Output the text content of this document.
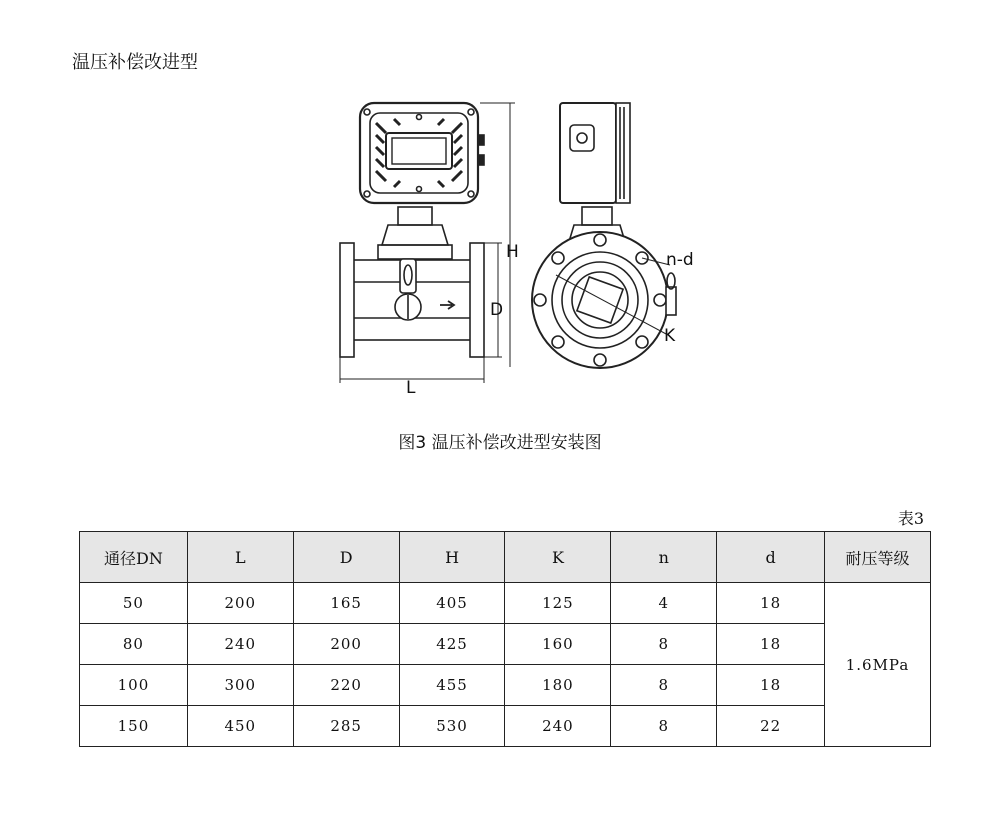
温压补偿改进型
H
D
L
n-d
K
图3 温压补偿改进型安装图
表3
通径DN	L	D	H	K	n	d	耐压等级
50	200	165	405	125	4	18	1.6MPa
80	240	200	425	160	8	18	
100	300	220	455	180	8	18	
150	450	285	530	240	8	22	
